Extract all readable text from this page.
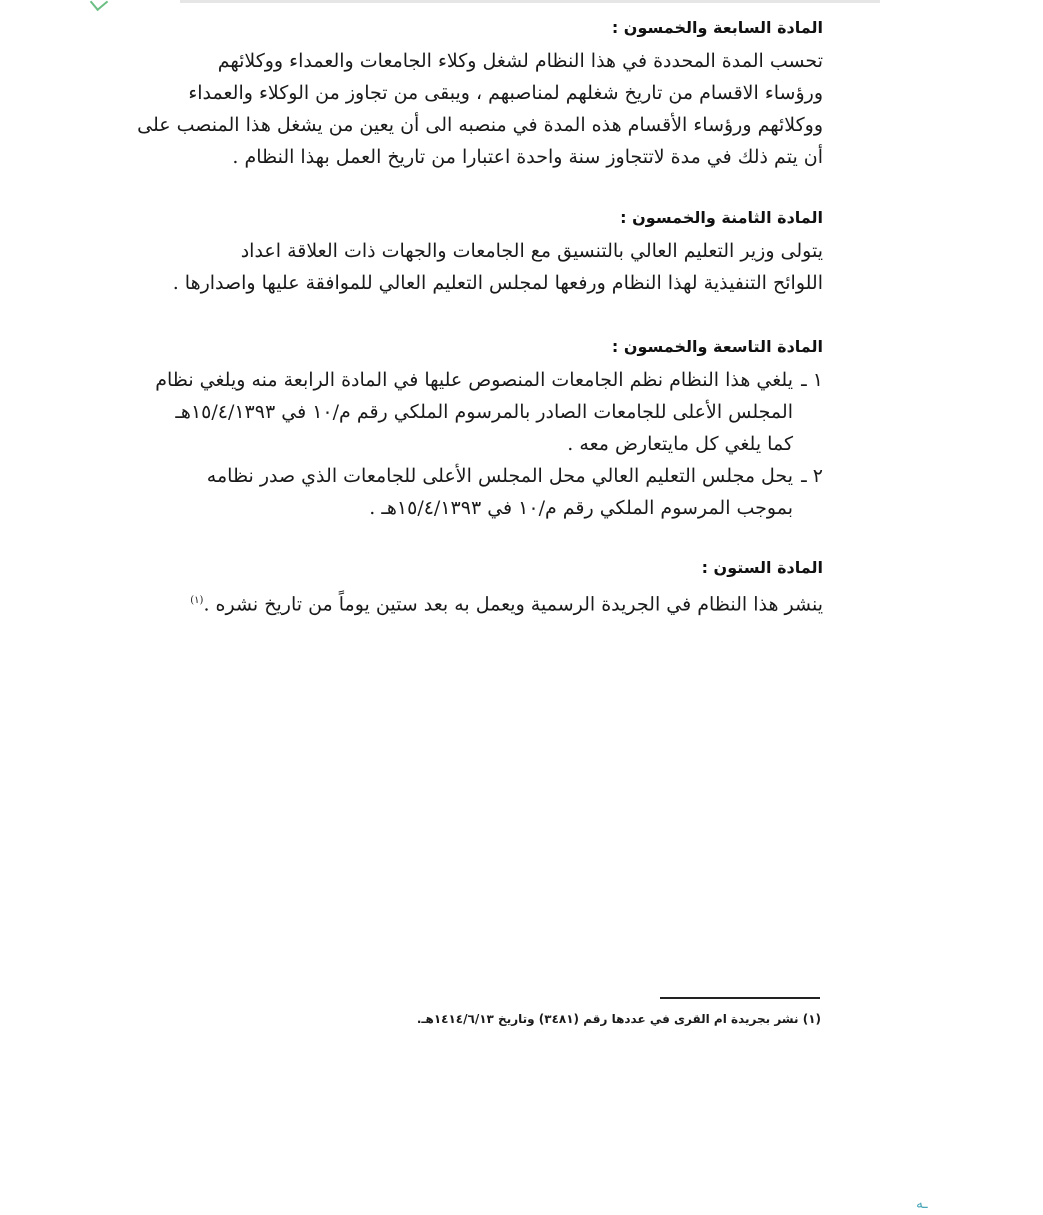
المادة السابعة والخمسون :

تحسب المدة المحددة في هذا النظام لشغل وكلاء الجامعات والعمداء ووكلائهم
ورؤساء الاقسام من تاريخ شغلهم لمناصبهم ، ويبقى من تجاوز من الوكلاء والعمداء
ووكلائهم ورؤساء الأقسام هذه المدة في منصبه الى أن يعين من يشغل هذا المنصب على
أن يتم ذلك في مدة لاتتجاوز سنة واحدة اعتبارا من تاريخ العمل بهذا النظام .

المادة الثامنة والخمسون :

يتولى وزير التعليم العالي بالتنسيق مع الجامعات والجهات ذات العلاقة اعداد
اللوائح التنفيذية لهذا النظام ورفعها لمجلس التعليم العالي للموافقة عليها واصدارها .

المادة التاسعة والخمسون :

١ ـ
يلغي هذا النظام نظم الجامعات المنصوص عليها في المادة الرابعة منه ويلغي نظام
المجلس الأعلى للجامعات الصادر بالمرسوم الملكي رقم م/١٠ في ١٥/٤/١٣٩٣هـ
كما يلغي كل مايتعارض معه .
٢ ـ
يحل مجلس التعليم العالي محل المجلس الأعلى للجامعات الذي صدر نظامه
بموجب المرسوم الملكي رقم م/١٠ في ١٥/٤/١٣٩٣هـ .

المادة الستون :

ينشر هذا النظام في الجريدة الرسمية ويعمل به بعد ستين يوماً من تاريخ نشره .$^{(١)}$
(١) نشر بجريدة ام القرى في عددها رقم (٣٤٨١) وتاريخ ١٤١٤/٦/١٣هـ.
ـه
